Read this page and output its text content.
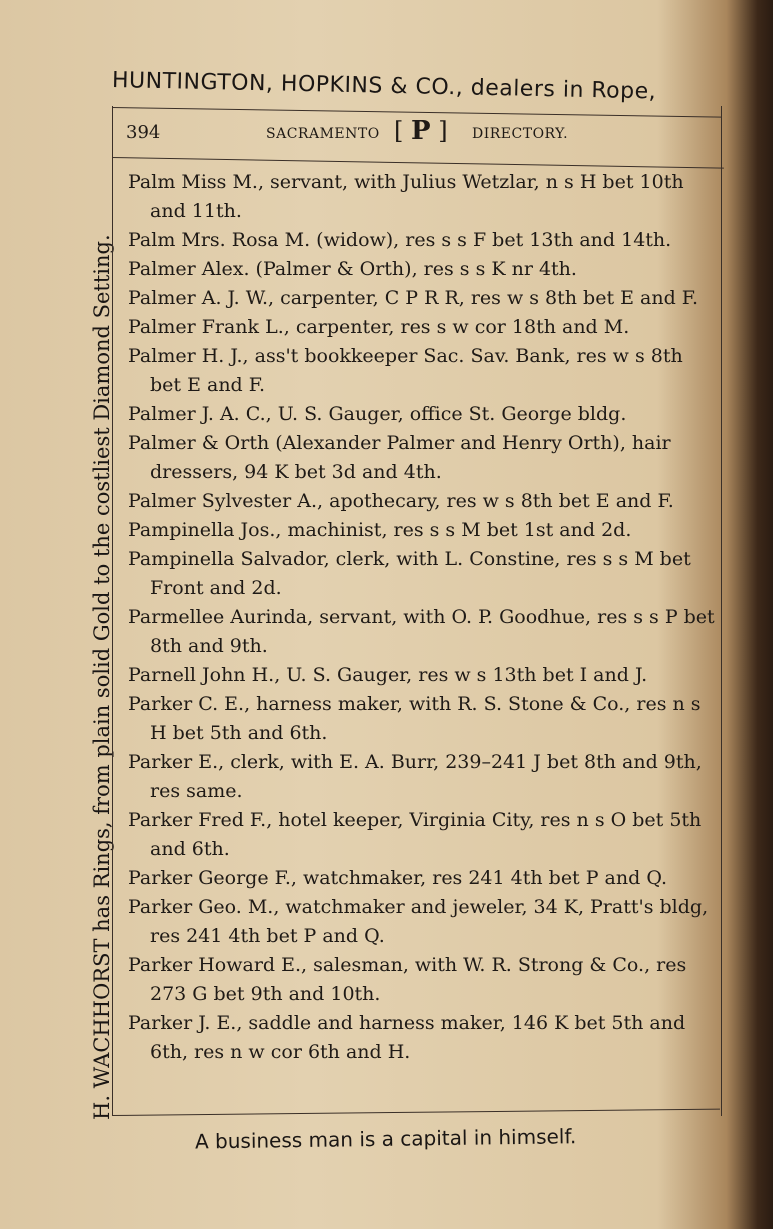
HUNTINGTON, HOPKINS & CO., dealers in Rope,
H. WACHHORST has Rings, from plain solid Gold to the costliest Diamond Setting.
394	SACRAMENTO
[	P ]	DIRECTORY.

Palm Miss M., servant, with Julius Wetzlar, n s H bet 10th and 11th.

Palm Mrs. Rosa M. (widow), res s s F bet 13th and 14th.

Palmer Alex. (Palmer & Orth), res s s K nr 4th.

Palmer A. J. W., carpenter, C P R R, res w s 8th bet E and F.

Palmer Frank L., carpenter, res s w cor 18th and M.

Palmer H. J., ass't bookkeeper Sac. Sav. Bank, res w s 8th bet E and F.

Palmer J. A. C., U. S. Gauger, office St. George bldg.

Palmer & Orth (Alexander Palmer and Henry Orth), hair dressers, 94 K bet 3d and 4th.

Palmer Sylvester A., apothecary, res w s 8th bet E and F.

Pampinella Jos., machinist, res s s M bet 1st and 2d.

Pampinella Salvador, clerk, with L. Constine, res s s M bet Front and 2d.

Parmellee Aurinda, servant, with O. P. Goodhue, res s s P bet 8th and 9th.

Parnell John H., U. S. Gauger, res w s 13th bet I and J.

Parker C. E., harness maker, with R. S. Stone & Co., res n s H bet 5th and 6th.

Parker E., clerk, with E. A. Burr, 239–241 J bet 8th and 9th, res same.

Parker Fred F., hotel keeper, Virginia City, res n s O bet 5th and 6th.

Parker George F., watchmaker, res 241 4th bet P and Q.

Parker Geo. M., watchmaker and jeweler, 34 K, Pratt's bldg, res 241 4th bet P and Q.

Parker Howard E., salesman, with W. R. Strong & Co., res 273 G bet 9th and 10th.

Parker J. E., saddle and harness maker, 146 K bet 5th and 6th, res n w cor 6th and H.

A business man is a capital in himself.
